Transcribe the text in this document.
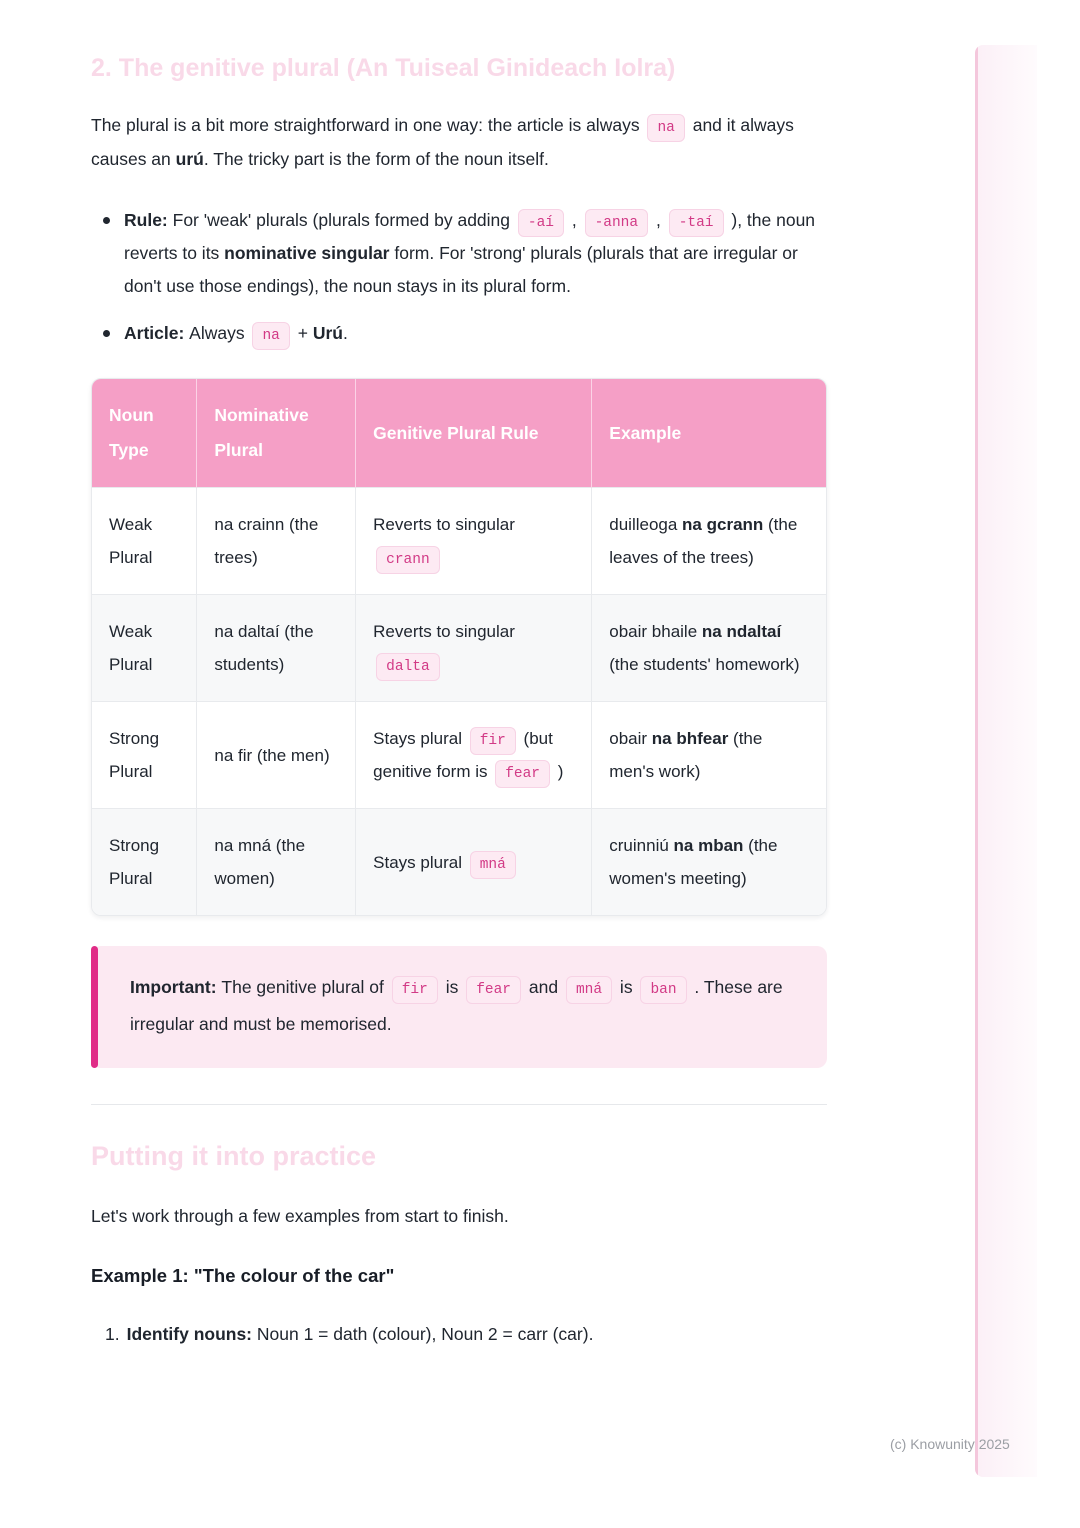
2. The genitive plural (An Tuiseal Ginideach Iolra)

The plural is a bit more straightforward in one way: the article is always na and it always causes an urú. The tricky part is the form of the noun itself.

Rule: For 'weak' plurals (plurals formed by adding -aí , -anna , -taí ), the noun reverts to its nominative singular form. For 'strong' plurals (plurals that are irregular or don't use those endings), the noun stays in its plural form.
Article: Always na + Urú.
Noun Type	Nominative Plural	Genitive Plural Rule	Example
Weak Plural	na crainn (the trees)	Reverts to singular crann	duilleoga na gcrann (the leaves of the trees)
Weak Plural	na daltaí (the students)	Reverts to singular dalta	obair bhaile na ndaltaí (the students' homework)
Strong Plural	na fir (the men)	Stays plural fir (but genitive form is fear )	obair na bhfear (the men's work)
Strong Plural	na mná (the women)	Stays plural mná	cruinniú na mban (the women's meeting)
Important: The genitive plural of fir is fear and mná is ban . These are irregular and must be memorised.
Putting it into practice

Let's work through a few examples from start to finish.

Example 1: "The colour of the car"

1. Identify nouns: Noun 1 = dath (colour), Noun 2 = carr (car).
(c) Knowunity 2025
